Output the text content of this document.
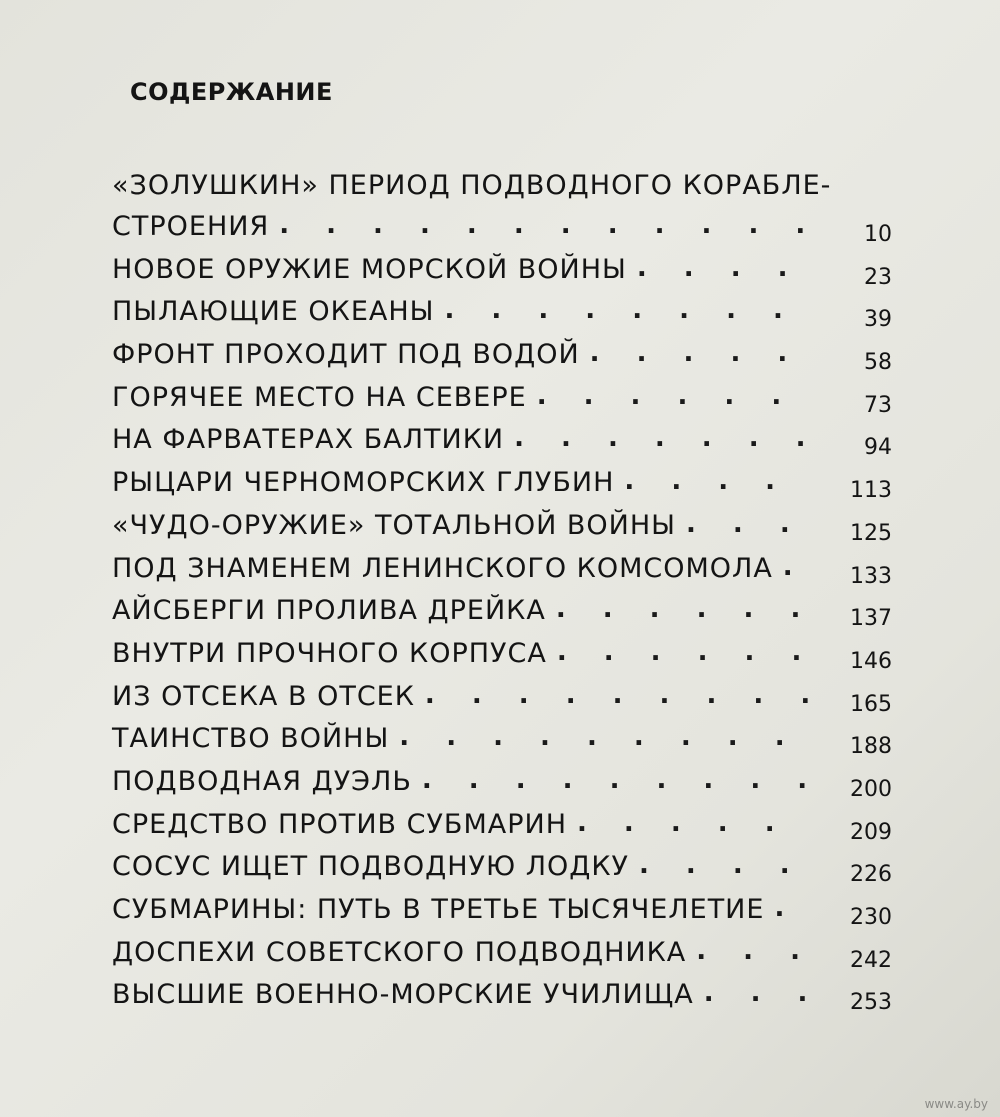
СОДЕРЖАНИЕ
«ЗОЛУШКИН» ПЕРИОД ПОДВОДНОГО КОРАБЛЕ-
СТРОЕНИЯ . . .	10
НОВОЕ ОРУЖИЕ МОРСКОЙ ВОЙНЫ . . .	23
ПЫЛАЮЩИЕ ОКЕАНЫ . . .	39
ФРОНТ ПРОХОДИТ ПОД ВОДОЙ . . .	58
ГОРЯЧЕЕ МЕСТО НА СЕВЕРЕ . . .	73
НА ФАРВАТЕРАХ БАЛТИКИ . . .	94
РЫЦАРИ ЧЕРНОМОРСКИХ ГЛУБИН . . .	113
«ЧУДО-ОРУЖИЕ» ТОТАЛЬНОЙ ВОЙНЫ . . .	125
ПОД ЗНАМЕНЕМ ЛЕНИНСКОГО КОМСОМОЛА . . .	133
АЙСБЕРГИ ПРОЛИВА ДРЕЙКА . . .	137
ВНУТРИ ПРОЧНОГО КОРПУСА . . .	146
ИЗ ОТСЕКА В ОТСЕК . . .	165
ТАИНСТВО ВОЙНЫ . . .	188
ПОДВОДНАЯ ДУЭЛЬ . . .	200
СРЕДСТВО ПРОТИВ СУБМАРИН . . .	209
СОСУС ИЩЕТ ПОДВОДНУЮ ЛОДКУ . . .	226
СУБМАРИНЫ: ПУТЬ В ТРЕТЬЕ ТЫСЯЧЕЛЕТИЕ . . .	230
ДОСПЕХИ СОВЕТСКОГО ПОДВОДНИКА . . .	242
ВЫСШИЕ ВОЕННО-МОРСКИЕ УЧИЛИЩА . . .	253
www.ay.by
